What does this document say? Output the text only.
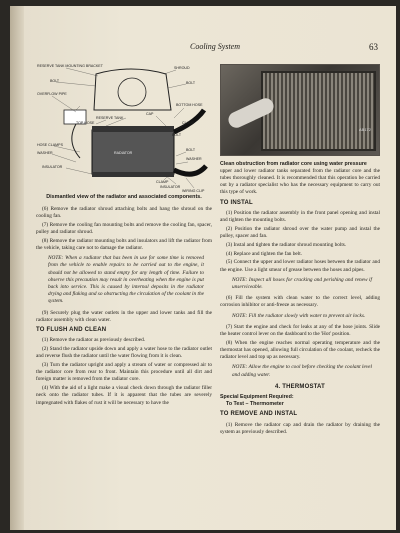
Cooling System	63
RESERVE TANK MOUNTING BRACKET	SHROUD
BOLT	BOLT
OVERFLOW PIPE
RESERVE TANK
CAP
BOTTOM HOSE
TOP HOSE	CLAMP
BOLT
HOSE CLAMPS
WASHER	RADIATOR
BOLT
WASHER
INSULATOR
CLAMP
INSULATOR
WIRING CLIP
Dismantled view of the radiator and associated components.

(6) Remove the radiator shroud attaching bolts and hang the shroud on the cooling fan.

(7) Remove the cooling fan mounting bolts and remove the cooling fan, spacer, pulley and radiator shroud.

(8) Remove the radiator mounting bolts and insulators and lift the radiator from the vehicle, taking care not to damage the radiator.

NOTE: When a radiator that has been in use for some time is removed from the vehicle to enable repairs to be carried out to the engine, it should not be allowed to stand empty for any length of time. Failure to observe this precaution may result in overheating when the engine is put back into service. This is caused by internal deposits in the radiator drying and flaking and so obstructing the circulation of the coolant in the system.

(9) Securely plug the water outlets in the upper and lower tanks and fill the radiator assembly with clean water.

TO FLUSH AND CLEAN

(1) Remove the radiator as previously described.

(2) Stand the radiator upside down and apply a water hose to the radiator outlet and reverse flush the radiator until the water flowing from it is clean.

(3) Turn the radiator upright and apply a stream of water or compressed air to the radiator core from rear to front. Maintain this procedure until all dirt and foreign matter is removed from the radiator core.

(4) With the aid of a light make a visual check down through the radiator filler neck onto the radiator tubes. If it is apparent that the tubes are severely impregnated with flakes of rust it will be necessary to have the

AB172
Clean obstruction from radiator core using water pressure

upper and lower radiator tanks separated from the radiator core and the tubes thoroughly cleaned. It is recommended that this operation be carried out by a radiator specialist who has the necessary equipment to carry out this type of work.

TO INSTAL

(1) Position the radiator assembly in the front panel opening and instal and tighten the mounting bolts.

(2) Position the radiator shroud over the water pump and instal the pulley, spacer and fan.

(3) Instal and tighten the radiator shroud mounting bolts.

(4) Replace and tighten the fan belt.

(5) Connect the upper and lower radiator hoses between the radiator and the engine. Use a light smear of grease between the hoses and pipes.

NOTE: Inspect all hoses for cracking and perishing and renew if unserviceable.

(6) Fill the system with clean water to the correct level, adding corrosion inhibitor or anti-freeze as necessary.

NOTE: Fill the radiator slowly with water to prevent air locks.

(7) Start the engine and check for leaks at any of the hose joints. Slide the heater control lever on the dashboard to the 'Hot' position.

(8) When the engine reaches normal operating temperature and the thermostat has opened, allowing full circulation of the coolant, recheck the radiator level and top up as necessary.

NOTE: Allow the engine to cool before checking the coolant level and adding water.

4. THERMOSTAT

Special Equipment Required:

To Test – Thermometer

TO REMOVE AND INSTAL

(1) Remove the radiator cap and drain the radiator by draining the system as previously described.
